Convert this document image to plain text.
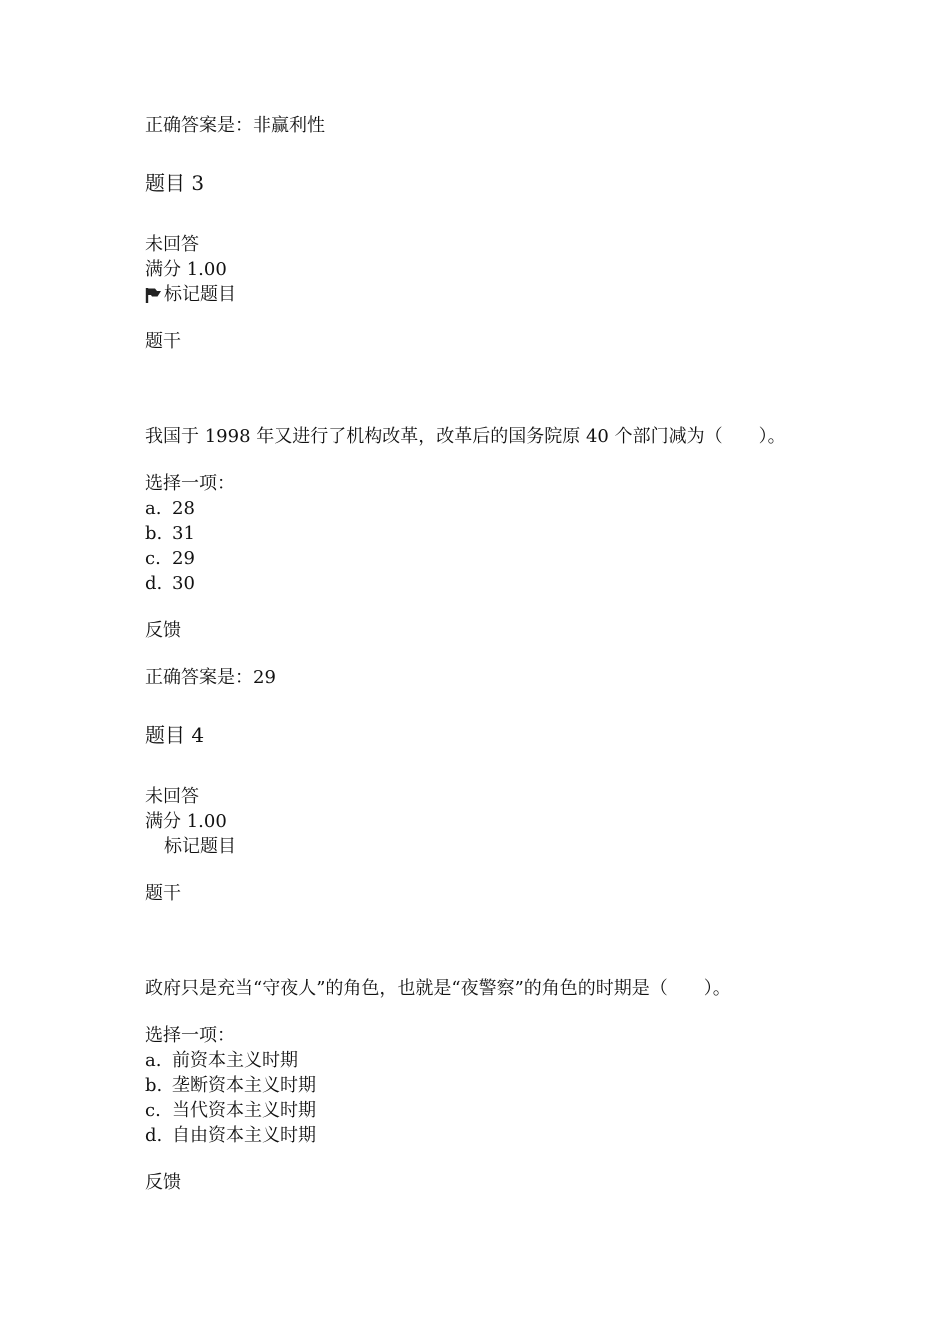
正确答案是：非赢利性
题目 3
未回答
满分 1.00
标记题目
题干
我国于 1998 年又进行了机构改革，改革后的国务院原 40 个部门减为（　　）。
选择一项：
a. 28
b. 31
c. 29
d. 30
反馈
正确答案是：29
题目 4
未回答
满分 1.00
标记题目
题干
政府只是充当“守夜人”的角色，也就是“夜警察”的角色的时期是（　　）。
选择一项：
a. 前资本主义时期
b. 垄断资本主义时期
c. 当代资本主义时期
d. 自由资本主义时期
反馈
